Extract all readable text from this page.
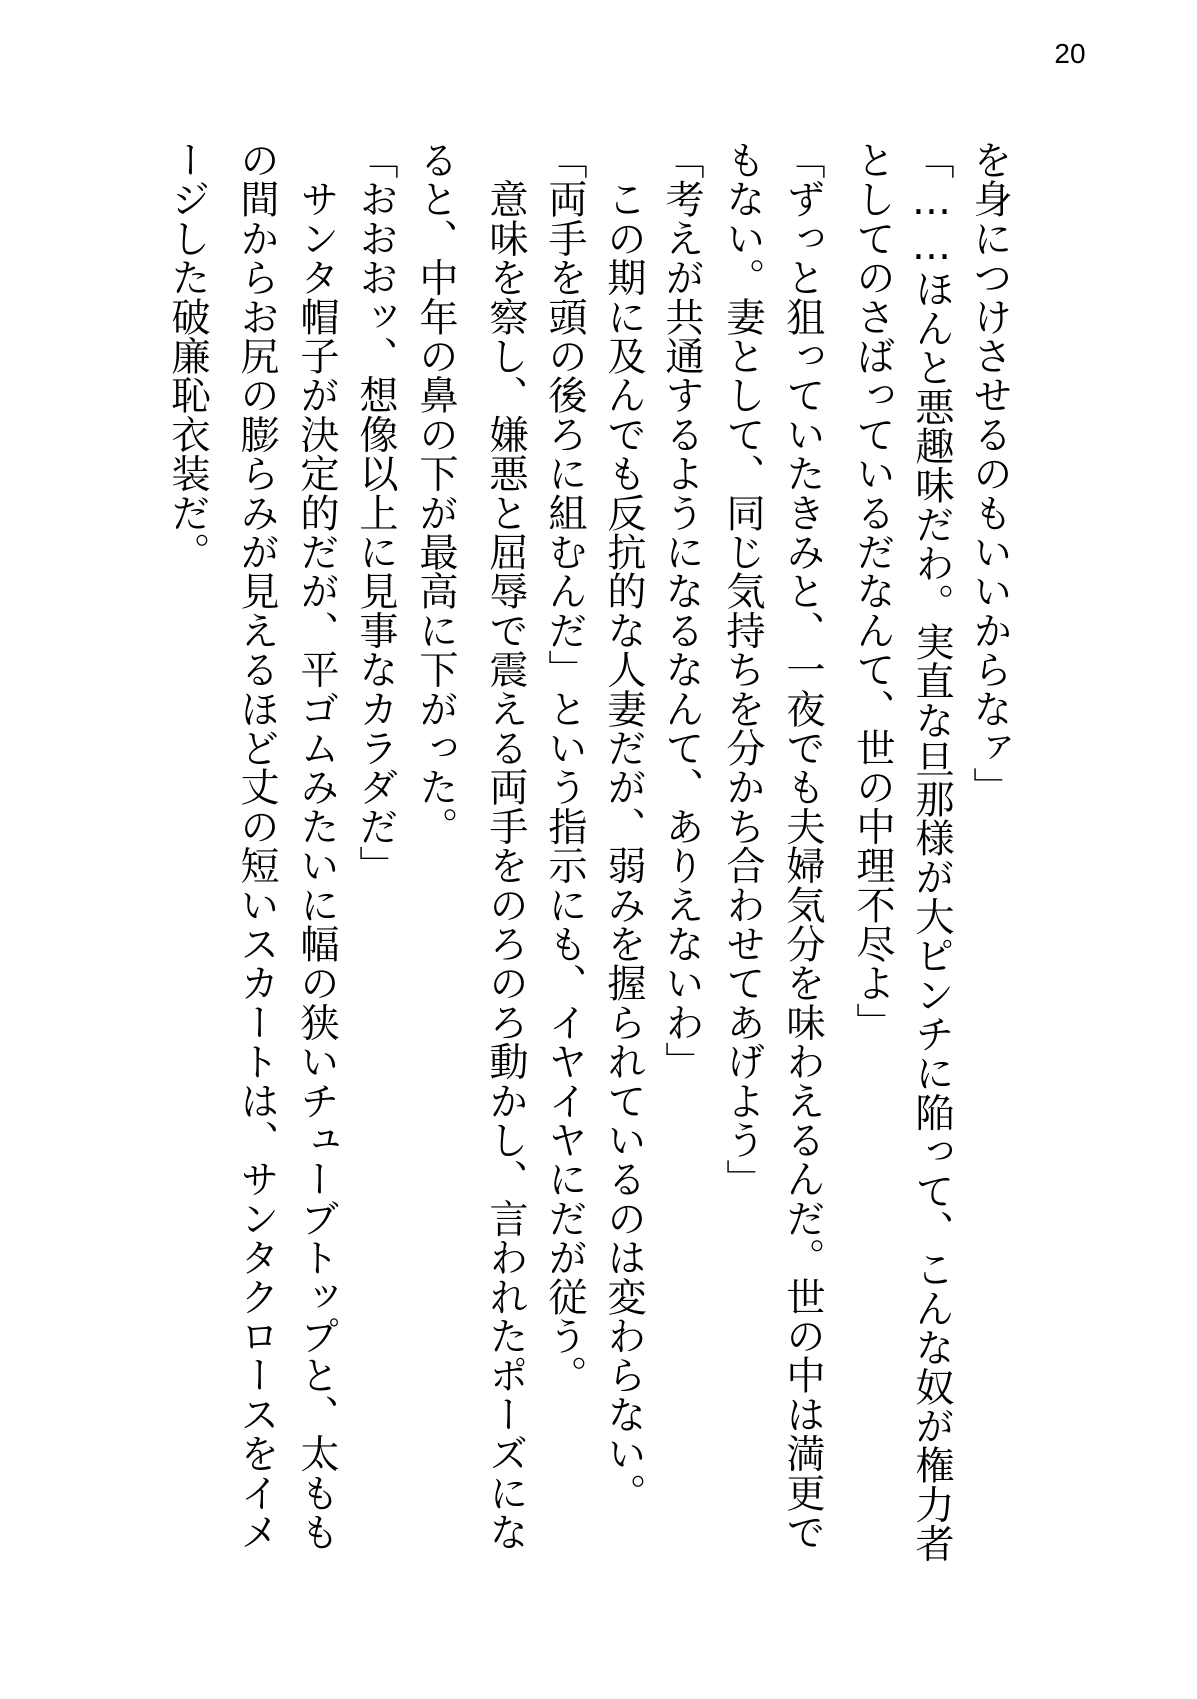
20
を身につけさせるのもいいからなァ」
「……ほんと悪趣味だわ。実直な旦那様が大ピンチに陥って、こんな奴が権力者
としてのさばっているだなんて、世の中理不尽よ」
「ずっと狙っていたきみと、一夜でも夫婦気分を味わえるんだ。世の中は満更で
もない。妻として、同じ気持ちを分かち合わせてあげよう」
「考えが共通するようになるなんて、ありえないわ」
　この期に及んでも反抗的な人妻だが、弱みを握られているのは変わらない。
「両手を頭の後ろに組むんだ」という指示にも、イヤイヤにだが従う。
　意味を察し、嫌悪と屈辱で震える両手をのろのろ動かし、言われたポーズにな
ると、中年の鼻の下が最高に下がった。
「おおおッ、想像以上に見事なカラダだ」
　サンタ帽子が決定的だが、平ゴムみたいに幅の狭いチューブトップと、太もも
の間からお尻の膨らみが見えるほど丈の短いスカートは、サンタクロースをイメ
ージした破廉恥衣装だ。
